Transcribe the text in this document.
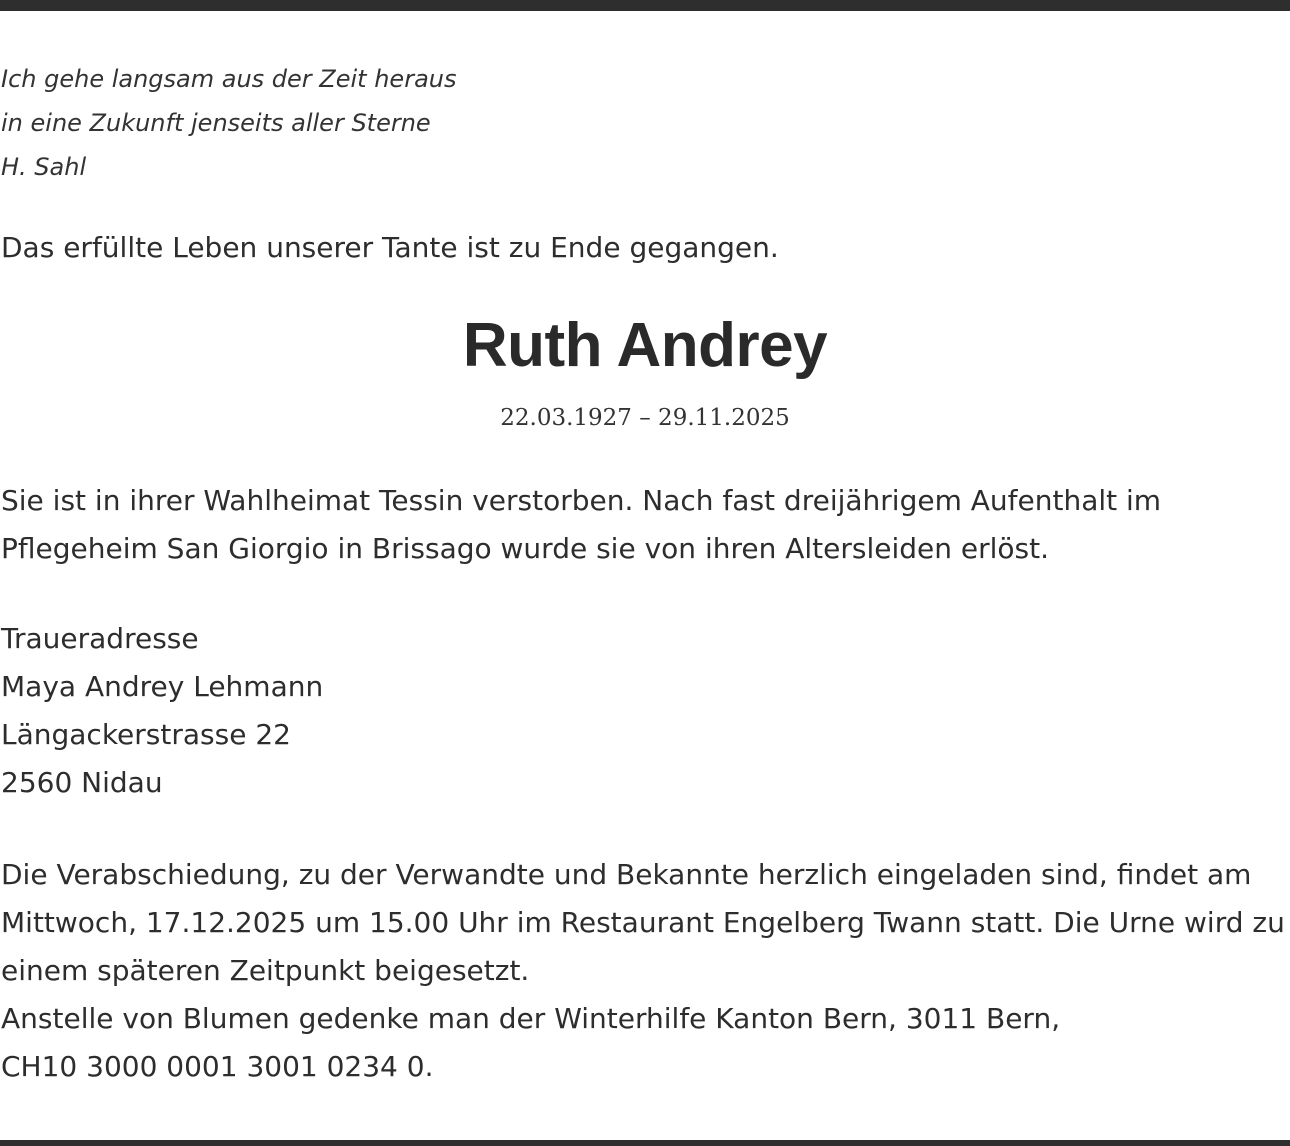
Ich gehe langsam aus der Zeit heraus
in eine Zukunft jenseits aller Sterne
H. Sahl
Das erfüllte Leben unserer Tante ist zu Ende gegangen.
Ruth Andrey
22.03.1927 – 29.11.2025
Sie ist in ihrer Wahlheimat Tessin verstorben. Nach fast dreijährigem Aufenthalt im
Pflegeheim San Giorgio in Brissago wurde sie von ihren Altersleiden erlöst.
Traueradresse
Maya Andrey Lehmann
Längackerstrasse 22
2560 Nidau
Die Verabschiedung, zu der Verwandte und Bekannte herzlich eingeladen sind, findet am
Mittwoch, 17.12.2025 um 15.00 Uhr im Restaurant Engelberg Twann statt. Die Urne wird zu
einem späteren Zeitpunkt beigesetzt.
Anstelle von Blumen gedenke man der Winterhilfe Kanton Bern, 3011 Bern,
CH10 3000 0001 3001 0234 0.
